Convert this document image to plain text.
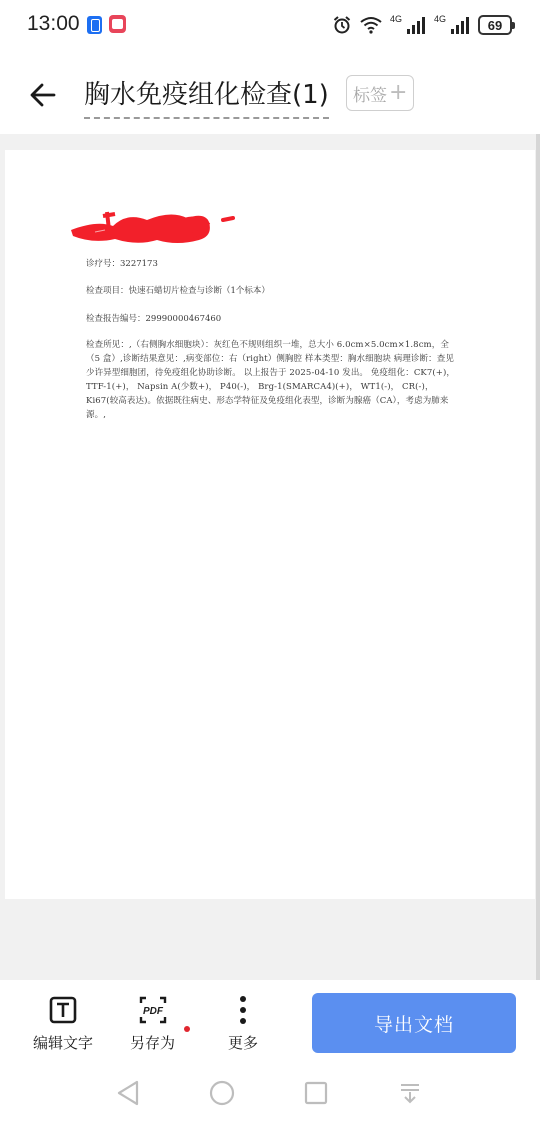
13:00	4G	4G	69
胸水免疫组化检查(1) 标签 +
诊疗号：3227173
检查项目：快速石蜡切片检查与诊断（1个标本）
检查报告编号：29990000467460
检查所见：,（右侧胸水细胞块）：灰红色不规则组织一堆，总大小 6.0cm×5.0cm×1.8cm，全（5 盒）,诊断结果意见：,病变部位：右（right）侧胸腔 样本类型：胸水细胞块 病理诊断：查见少许异型细胞团，待免疫组化协助诊断。 以上报告于 2025-04-10 发出。 免疫组化：CK7(+)， TTF-1(+)， Napsin A(少数+)， P40(-)， Brg-1(SMARCA4)(+)， WT1(-)， CR(-)， Ki67(较高表达)。依据既往病史、形态学特征及免疫组化表型，诊断为腺癌（CA），考虑为肺来源。,
编辑文字
PDF
另存为	更多
导出文档
